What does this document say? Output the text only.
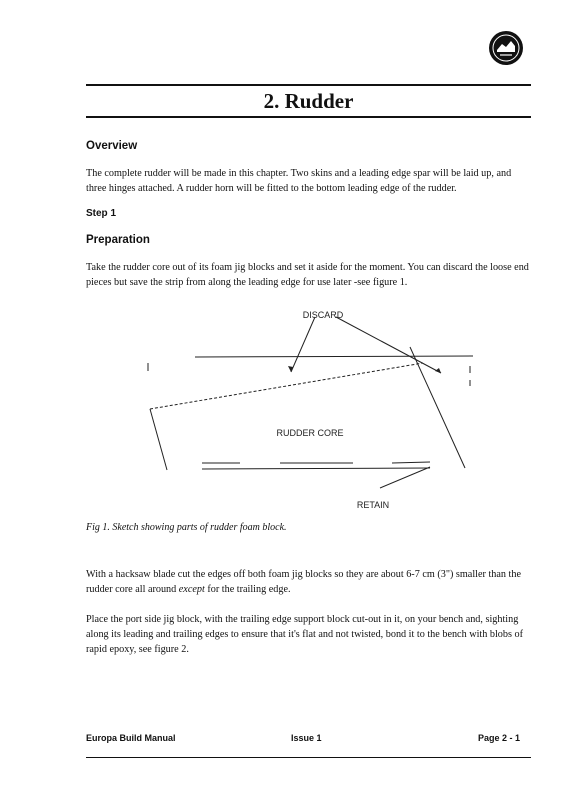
2. Rudder
Overview
The complete rudder will be made in this chapter. Two skins and a leading edge spar will be laid up, and three hinges attached. A rudder horn will be fitted to the bottom leading edge of the rudder.
Step 1
Preparation
Take the rudder core out of its foam jig blocks and set it aside for the moment. You can discard the loose end pieces but save the strip from along the leading edge for use later -see figure 1.
DISCARD
RUDDER CORE
RETAIN
Fig 1. Sketch showing parts of rudder foam block.
With a hacksaw blade cut the edges off both foam jig blocks so they are about 6-7 cm (3") smaller than the rudder core all around except for the trailing edge.
Place the port side jig block, with the trailing edge support block cut-out in it, on your bench and, sighting along its leading and trailing edges to ensure that it's flat and not twisted, bond it to the bench with blobs of rapid epoxy, see figure 2.
Europa Build Manual	Issue 1	Page 2 - 1
